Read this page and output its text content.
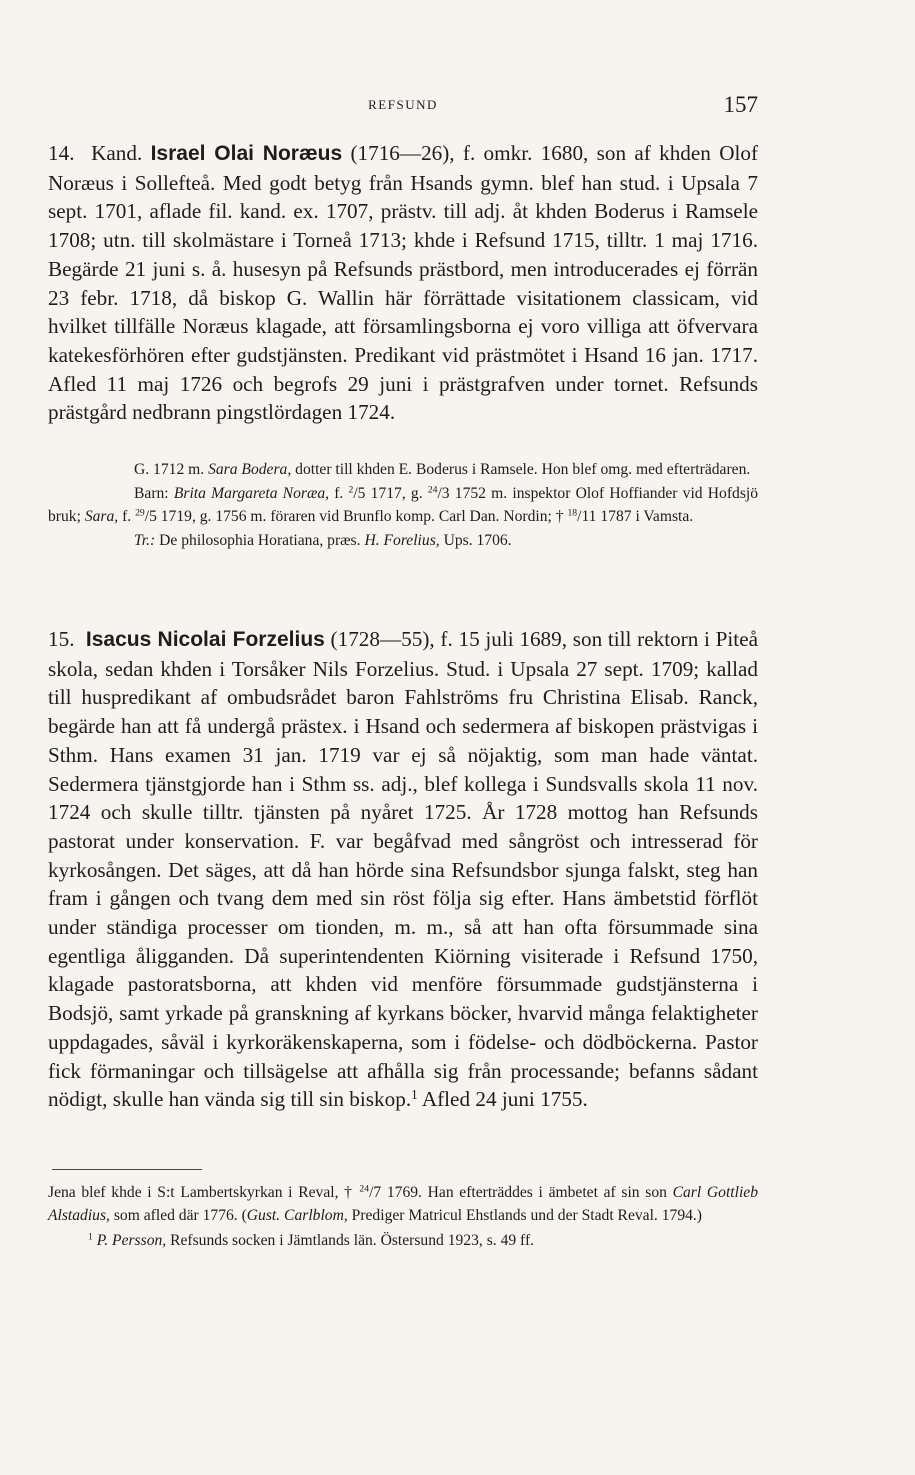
REFSUND	157

14. Kand. Israel Olai Noræus (1716—26), f. omkr. 1680, son af khden Olof Noræus i Sollefteå. Med godt betyg från Hsands gymn. blef han stud. i Upsala 7 sept. 1701, aflade fil. kand. ex. 1707, prästv. till adj. åt khden Boderus i Ramsele 1708; utn. till skolmästare i Torneå 1713; khde i Refsund 1715, tilltr. 1 maj 1716. Begärde 21 juni s. å. husesyn på Refsunds prästbord, men introducerades ej förrän 23 febr. 1718, då biskop G. Wallin här förrättade visitationem classicam, vid hvilket tillfälle Noræus klagade, att församlingsborna ej voro villiga att öfvervara katekesförhören efter gudstjänsten. Predikant vid prästmötet i Hsand 16 jan. 1717. Afled 11 maj 1726 och begrofs 29 juni i prästgrafven under tornet. Refsunds prästgård nedbrann pingstlördagen 1724.

G. 1712 m. Sara Bodera, dotter till khden E. Boderus i Ramsele. Hon blef omg. med efterträdaren.

Barn: Brita Margareta Noræa, f. $^2$/5 1717, g. $^{24}$/3 1752 m. inspektor Olof Hoffiander vid Hofdsjö bruk; Sara, f. $^{29}$/5 1719, g. 1756 m. föraren vid Brunflo komp. Carl Dan. Nordin; † $^{18}$/11 1787 i Vamsta.

Tr.: De philosophia Horatiana, præs. H. Forelius, Ups. 1706.

15. Isacus Nicolai Forzelius (1728—55), f. 15 juli 1689, son till rektorn i Piteå skola, sedan khden i Torsåker Nils Forzelius. Stud. i Upsala 27 sept. 1709; kallad till huspredikant af ombudsrådet baron Fahlströms fru Christina Elisab. Ranck, begärde han att få undergå prästex. i Hsand och sedermera af biskopen prästvigas i Sthm. Hans examen 31 jan. 1719 var ej så nöjaktig, som man hade väntat. Sedermera tjänstgjorde han i Sthm ss. adj., blef kollega i Sundsvalls skola 11 nov. 1724 och skulle tilltr. tjänsten på nyåret 1725. År 1728 mottog han Refsunds pastorat under konservation. F. var begåfvad med sångröst och intresserad för kyrkosången. Det säges, att då han hörde sina Refsundsbor sjunga falskt, steg han fram i gången och tvang dem med sin röst följa sig efter. Hans ämbetstid förflöt under ständiga processer om tionden, m. m., så att han ofta försummade sina egentliga åligganden. Då superintendenten Kiörning visiterade i Refsund 1750, klagade pastoratsborna, att khden vid menföre försummade gudstjänsterna i Bodsjö, samt yrkade på granskning af kyrkans böcker, hvarvid många felaktigheter uppdagades, såväl i kyrkoräkenskaperna, som i födelse- och dödböckerna. Pastor fick förmaningar och tillsägelse att afhålla sig från processande; befanns sådant nödigt, skulle han vända sig till sin biskop.$^1$ Afled 24 juni 1755.

Jena blef khde i S:t Lambertskyrkan i Reval, † $^{24}$/7 1769. Han efterträddes i ämbetet af sin son Carl Gottlieb Alstadius, som afled där 1776. (Gust. Carlblom, Prediger Matricul Ehstlands und der Stadt Reval. 1794.)

$^1$ P. Persson, Refsunds socken i Jämtlands län. Östersund 1923, s. 49 ff.
